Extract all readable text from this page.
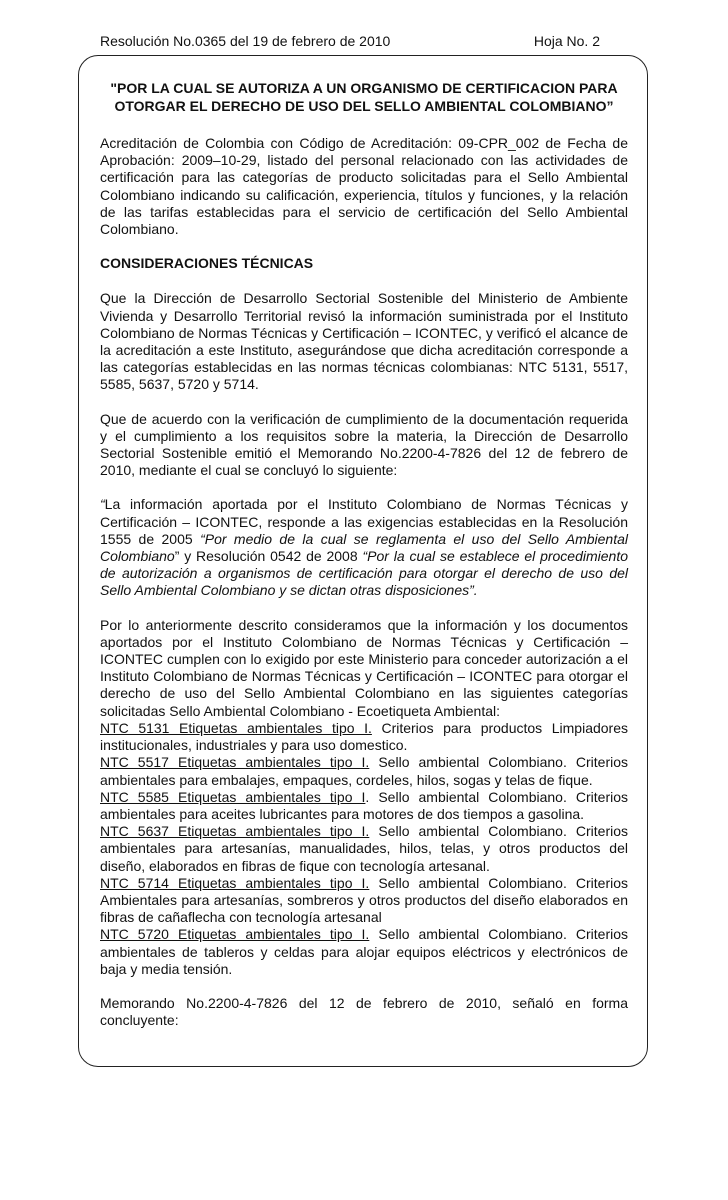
Resolución No.0365 del 19 de febrero de 2010	Hoja No. 2

"POR LA CUAL SE AUTORIZA A UN ORGANISMO DE CERTIFICACION PARA OTORGAR EL DERECHO DE USO DEL SELLO AMBIENTAL COLOMBIANO”

Acreditación de Colombia con Código de Acreditación: 09-CPR_002 de Fecha de Aprobación: 2009–10-29, listado del personal relacionado con las actividades de certificación para las categorías de producto solicitadas para el Sello Ambiental Colombiano indicando su calificación, experiencia, títulos y funciones, y la relación de las tarifas establecidas para el servicio de certificación del Sello Ambiental Colombiano.

CONSIDERACIONES TÉCNICAS

Que la Dirección de Desarrollo Sectorial Sostenible del Ministerio de Ambiente Vivienda y Desarrollo Territorial revisó la información suministrada por el Instituto Colombiano de Normas Técnicas y Certificación – ICONTEC, y verificó el alcance de la acreditación a este Instituto, asegurándose que dicha acreditación corresponde a las categorías establecidas en las normas técnicas colombianas: NTC 5131, 5517, 5585, 5637, 5720 y 5714.

Que de acuerdo con la verificación de cumplimiento de la documentación requerida y el cumplimiento a los requisitos sobre la materia, la Dirección de Desarrollo Sectorial Sostenible emitió el Memorando No.2200-4-7826 del 12 de febrero de 2010, mediante el cual se concluyó lo siguiente:

“La información aportada por el Instituto Colombiano de Normas Técnicas y Certificación – ICONTEC, responde a las exigencias establecidas en la Resolución 1555 de 2005 “Por medio de la cual se reglamenta el uso del Sello Ambiental Colombiano” y Resolución 0542 de 2008 “Por la cual se establece el procedimiento de autorización a organismos de certificación para otorgar el derecho de uso del Sello Ambiental Colombiano y se dictan otras disposiciones”.

Por lo anteriormente descrito consideramos que la información y los documentos aportados por el Instituto Colombiano de Normas Técnicas y Certificación – ICONTEC cumplen con lo exigido por este Ministerio para conceder autorización a el Instituto Colombiano de Normas Técnicas y Certificación – ICONTEC para otorgar el derecho de uso del Sello Ambiental Colombiano en las siguientes categorías solicitadas Sello Ambiental Colombiano - Ecoetiqueta Ambiental:

NTC 5131 Etiquetas ambientales tipo I. Criterios para productos Limpiadores institucionales, industriales y para uso domestico.

NTC 5517 Etiquetas ambientales tipo I. Sello ambiental Colombiano. Criterios ambientales para embalajes, empaques, cordeles, hilos, sogas y telas de fique.

NTC 5585 Etiquetas ambientales tipo I. Sello ambiental Colombiano. Criterios ambientales para aceites lubricantes para motores de dos tiempos a gasolina.

NTC 5637 Etiquetas ambientales tipo I. Sello ambiental Colombiano. Criterios ambientales para artesanías, manualidades, hilos, telas, y otros productos del diseño, elaborados en fibras de fique con tecnología artesanal.

NTC 5714 Etiquetas ambientales tipo I. Sello ambiental Colombiano. Criterios Ambientales para artesanías, sombreros y otros productos del diseño elaborados en fibras de cañaflecha con tecnología artesanal

NTC 5720 Etiquetas ambientales tipo I. Sello ambiental Colombiano. Criterios ambientales de tableros y celdas para alojar equipos eléctricos y electrónicos de baja y media tensión.

Memorando No.2200-4-7826 del 12 de febrero de 2010, señaló en forma concluyente:
